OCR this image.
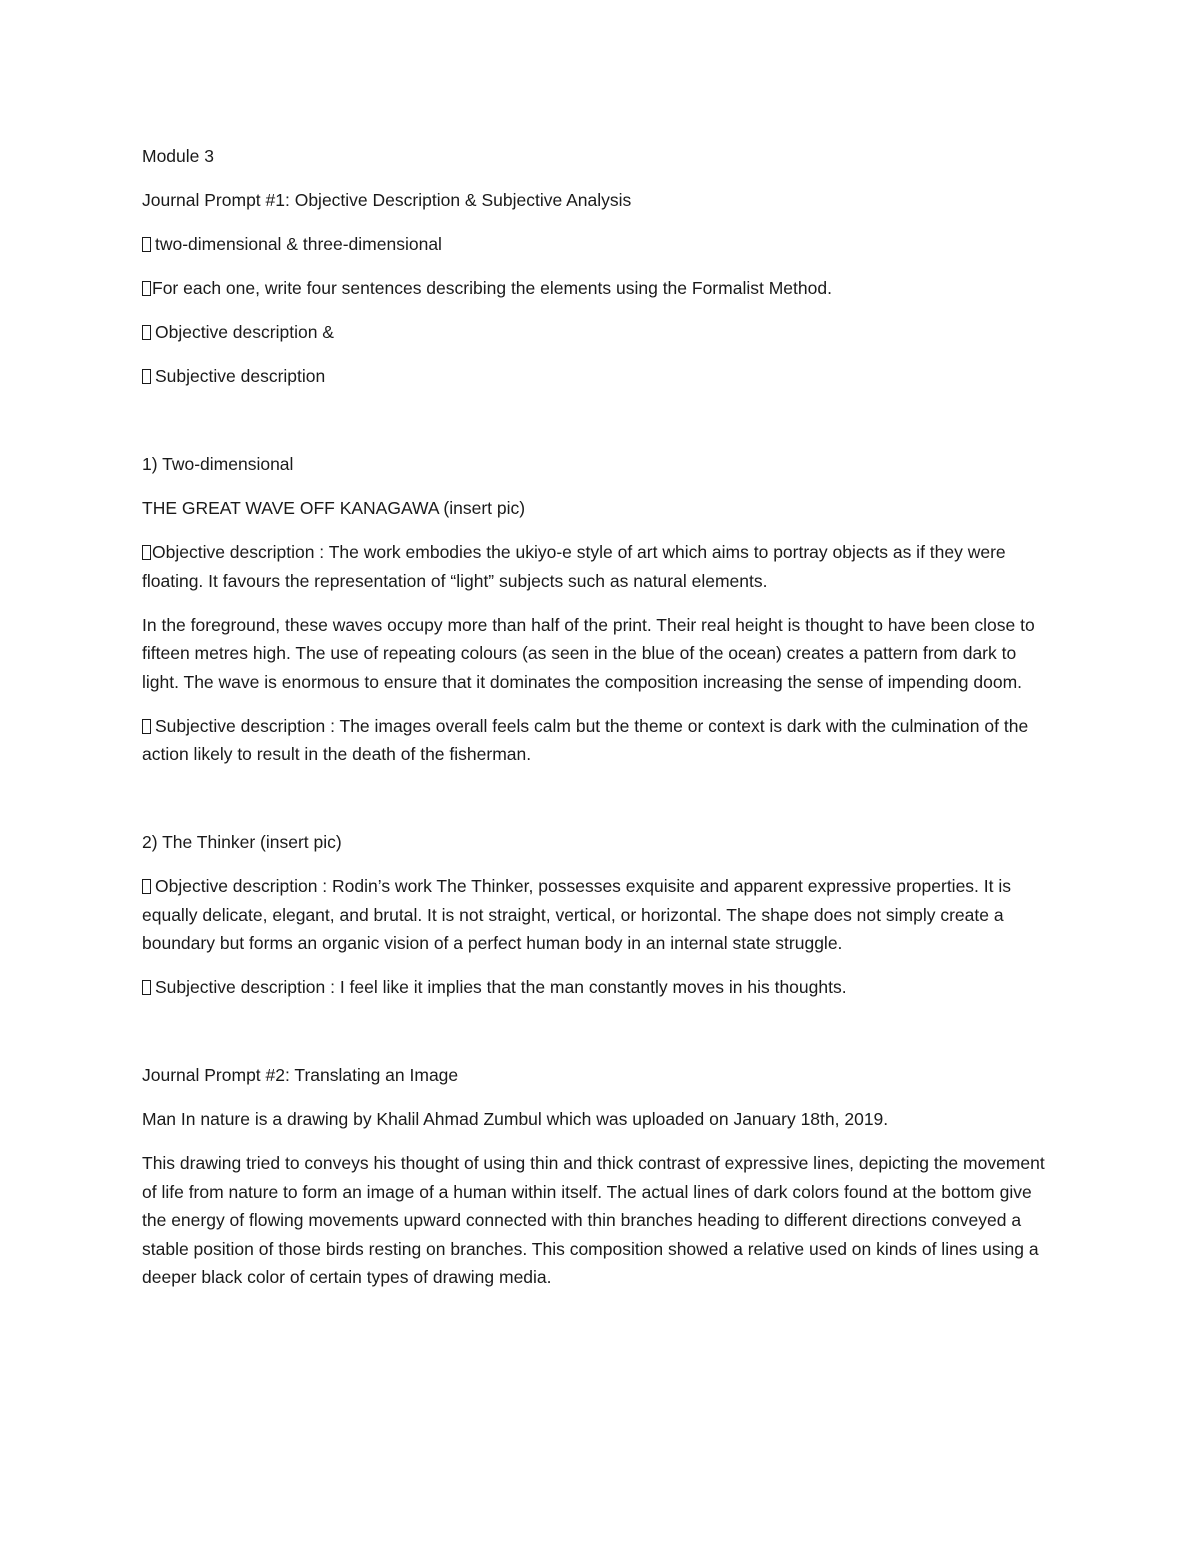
Module 3

Journal Prompt #1: Objective Description & Subjective Analysis

two-dimensional & three-dimensional

For each one, write four sentences describing the elements using the Formalist Method.

Objective description &

Subjective description

1) Two-dimensional

THE GREAT WAVE OFF KANAGAWA (insert pic)

Objective description : The work embodies the ukiyo-e style of art which aims to portray objects as if they were floating. It favours the representation of “light” subjects such as natural elements.

In the foreground, these waves occupy more than half of the print. Their real height is thought to have been close to fifteen metres high. The use of repeating colours (as seen in the blue of the ocean) creates a pattern from dark to light. The wave is enormous to ensure that it dominates the composition increasing the sense of impending doom.

Subjective description : The images overall feels calm but the theme or context is dark with the culmination of the action likely to result in the death of the fisherman.

2) The Thinker (insert pic)

Objective description : Rodin’s work The Thinker, possesses exquisite and apparent expressive properties. It is equally delicate, elegant, and brutal. It is not straight, vertical, or horizontal. The shape does not simply create a boundary but forms an organic vision of a perfect human body in an internal state struggle.

Subjective description : I feel like it implies that the man constantly moves in his thoughts.

Journal Prompt #2: Translating an Image

Man In nature is a drawing by Khalil Ahmad Zumbul which was uploaded on January 18th, 2019.

This drawing tried to conveys his thought of using thin and thick contrast of expressive lines, depicting the movement of life from nature to form an image of a human within itself. The actual lines of dark colors found at the bottom give the energy of flowing movements upward connected with thin branches heading to different directions conveyed a stable position of those birds resting on branches. This composition showed a relative used on kinds of lines using a deeper black color of certain types of drawing media.
